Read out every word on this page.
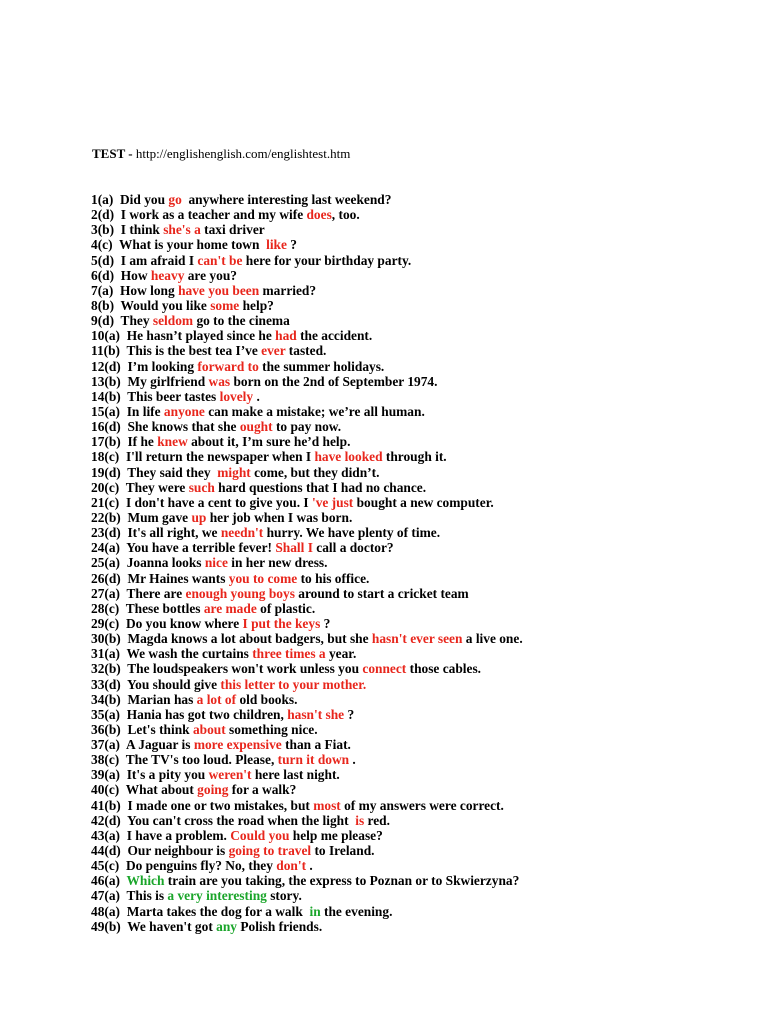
TEST - http://englishenglish.com/englishtest.htm
1(a) Did you go  anywhere interesting last weekend?
2(d) I work as a teacher and my wife does, too.
3(b) I think she's a taxi driver
4(c) What is your home town  like ?
5(d) I am afraid I can't be here for your birthday party.
6(d) How heavy are you?
7(a) How long have you been married?
8(b) Would you like some help?
9(d) They seldom go to the cinema
10(a) He hasn’t played since he had the accident.
11(b) This is the best tea I’ve ever tasted.
12(d) I’m looking forward to the summer holidays.
13(b) My girlfriend was born on the 2nd of September 1974.
14(b) This beer tastes lovely .
15(a) In life anyone can make a mistake; we’re all human.
16(d) She knows that she ought to pay now.
17(b) If he knew about it, I’m sure he’d help.
18(c) I'll return the newspaper when I have looked through it.
19(d) They said they  might come, but they didn’t.
20(c) They were such hard questions that I had no chance.
21(c) I don't have a cent to give you. I 've just bought a new computer.
22(b) Mum gave up her job when I was born.
23(d) It's all right, we needn't hurry. We have plenty of time.
24(a) You have a terrible fever! Shall I call a doctor?
25(a) Joanna looks nice in her new dress.
26(d) Mr Haines wants you to come to his office.
27(a) There are enough young boys around to start a cricket team
28(c) These bottles are made of plastic.
29(c) Do you know where I put the keys ?
30(b) Magda knows a lot about badgers, but she hasn't ever seen a live one.
31(a) We wash the curtains three times a year.
32(b) The loudspeakers won't work unless you connect those cables.
33(d) You should give this letter to your mother.
34(b) Marian has a lot of old books.
35(a) Hania has got two children, hasn't she ?
36(b) Let's think about something nice.
37(a) A Jaguar is more expensive than a Fiat.
38(c) The TV's too loud. Please, turn it down .
39(a) It's a pity you weren't here last night.
40(c) What about going for a walk?
41(b) I made one or two mistakes, but most of my answers were correct.
42(d) You can't cross the road when the light  is red.
43(a) I have a problem. Could you help me please?
44(d) Our neighbour is going to travel to Ireland.
45(c) Do penguins fly? No, they don't .
46(a) Which train are you taking, the express to Poznan or to Skwierzyna?
47(a) This is a very interesting story.
48(a) Marta takes the dog for a walk  in the evening.
49(b) We haven't got any Polish friends.
